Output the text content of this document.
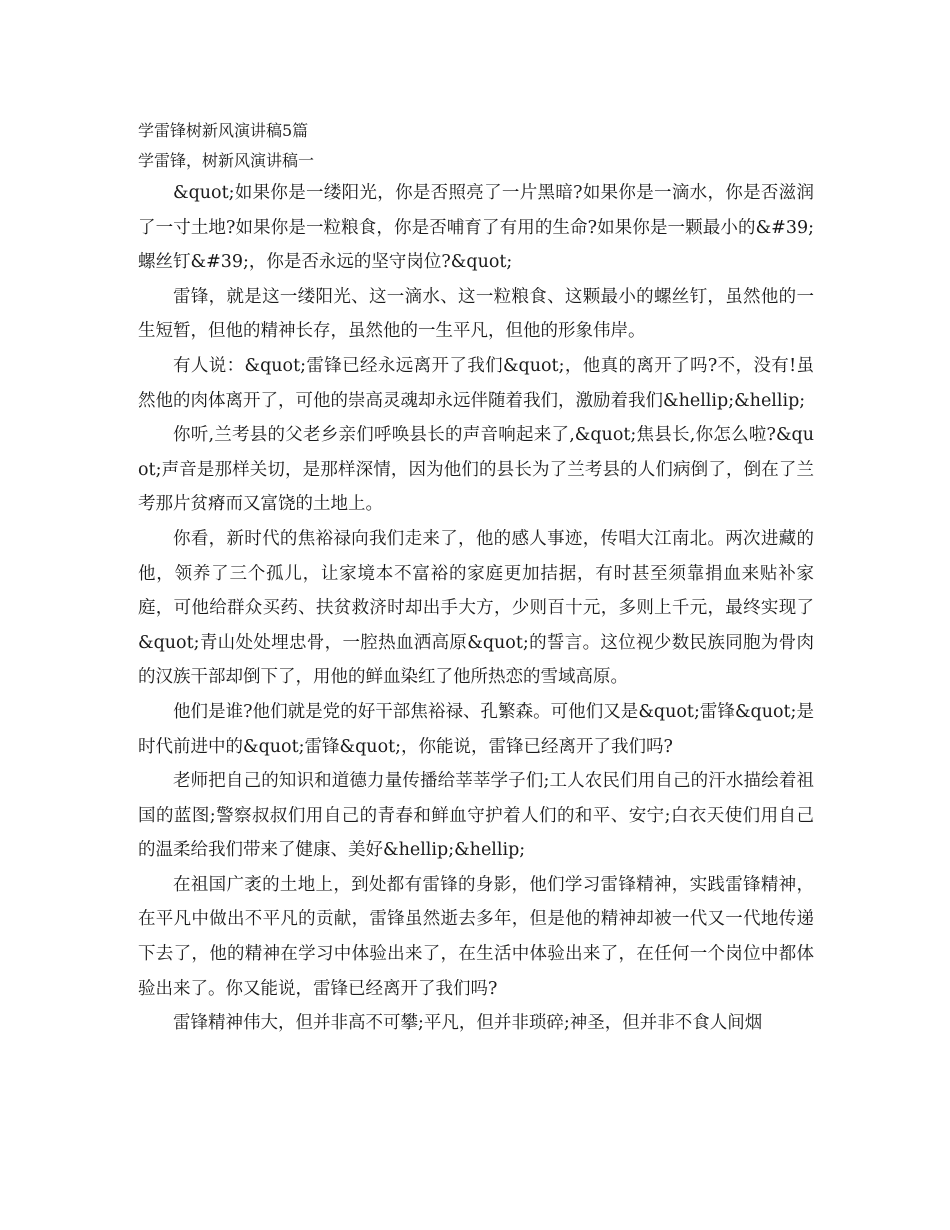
学雷锋树新风演讲稿5篇

学雷锋，树新风演讲稿一

&quot;如果你是一缕阳光，你是否照亮了一片黑暗?如果你是一滴水，你是否滋润了一寸土地?如果你是一粒粮食，你是否哺育了有用的生命?如果你是一颗最小的&#39;螺丝钉&#39;，你是否永远的坚守岗位?&quot;

雷锋，就是这一缕阳光、这一滴水、这一粒粮食、这颗最小的螺丝钉，虽然他的一生短暂，但他的精神长存，虽然他的一生平凡，但他的形象伟岸。

有人说：&quot;雷锋已经永远离开了我们&quot;，他真的离开了吗?不，没有!虽然他的肉体离开了，可他的崇高灵魂却永远伴随着我们，激励着我们&hellip;&hellip;

你听,兰考县的父老乡亲们呼唤县长的声音响起来了,&quot;焦县长,你怎么啦?&quot;声音是那样关切，是那样深情，因为他们的县长为了兰考县的人们病倒了，倒在了兰考那片贫瘠而又富饶的土地上。

你看，新时代的焦裕禄向我们走来了，他的感人事迹，传唱大江南北。两次进藏的他，领养了三个孤儿，让家境本不富裕的家庭更加拮据，有时甚至须靠捐血来贴补家庭，可他给群众买药、扶贫救济时却出手大方，少则百十元，多则上千元，最终实现了&quot;青山处处埋忠骨，一腔热血洒高原&quot;的誓言。这位视少数民族同胞为骨肉的汉族干部却倒下了，用他的鲜血染红了他所热恋的雪域高原。

他们是谁?他们就是党的好干部焦裕禄、孔繁森。可他们又是&quot;雷锋&quot;是时代前进中的&quot;雷锋&quot;，你能说，雷锋已经离开了我们吗?

老师把自己的知识和道德力量传播给莘莘学子们;工人农民们用自己的汗水描绘着祖国的蓝图;警察叔叔们用自己的青春和鲜血守护着人们的和平、安宁;白衣天使们用自己的温柔给我们带来了健康、美好&hellip;&hellip;

在祖国广袤的土地上，到处都有雷锋的身影，他们学习雷锋精神，实践雷锋精神，在平凡中做出不平凡的贡献，雷锋虽然逝去多年，但是他的精神却被一代又一代地传递下去了，他的精神在学习中体验出来了，在生活中体验出来了，在任何一个岗位中都体验出来了。你又能说，雷锋已经离开了我们吗?

雷锋精神伟大，但并非高不可攀;平凡，但并非琐碎;神圣，但并非不食人间烟
